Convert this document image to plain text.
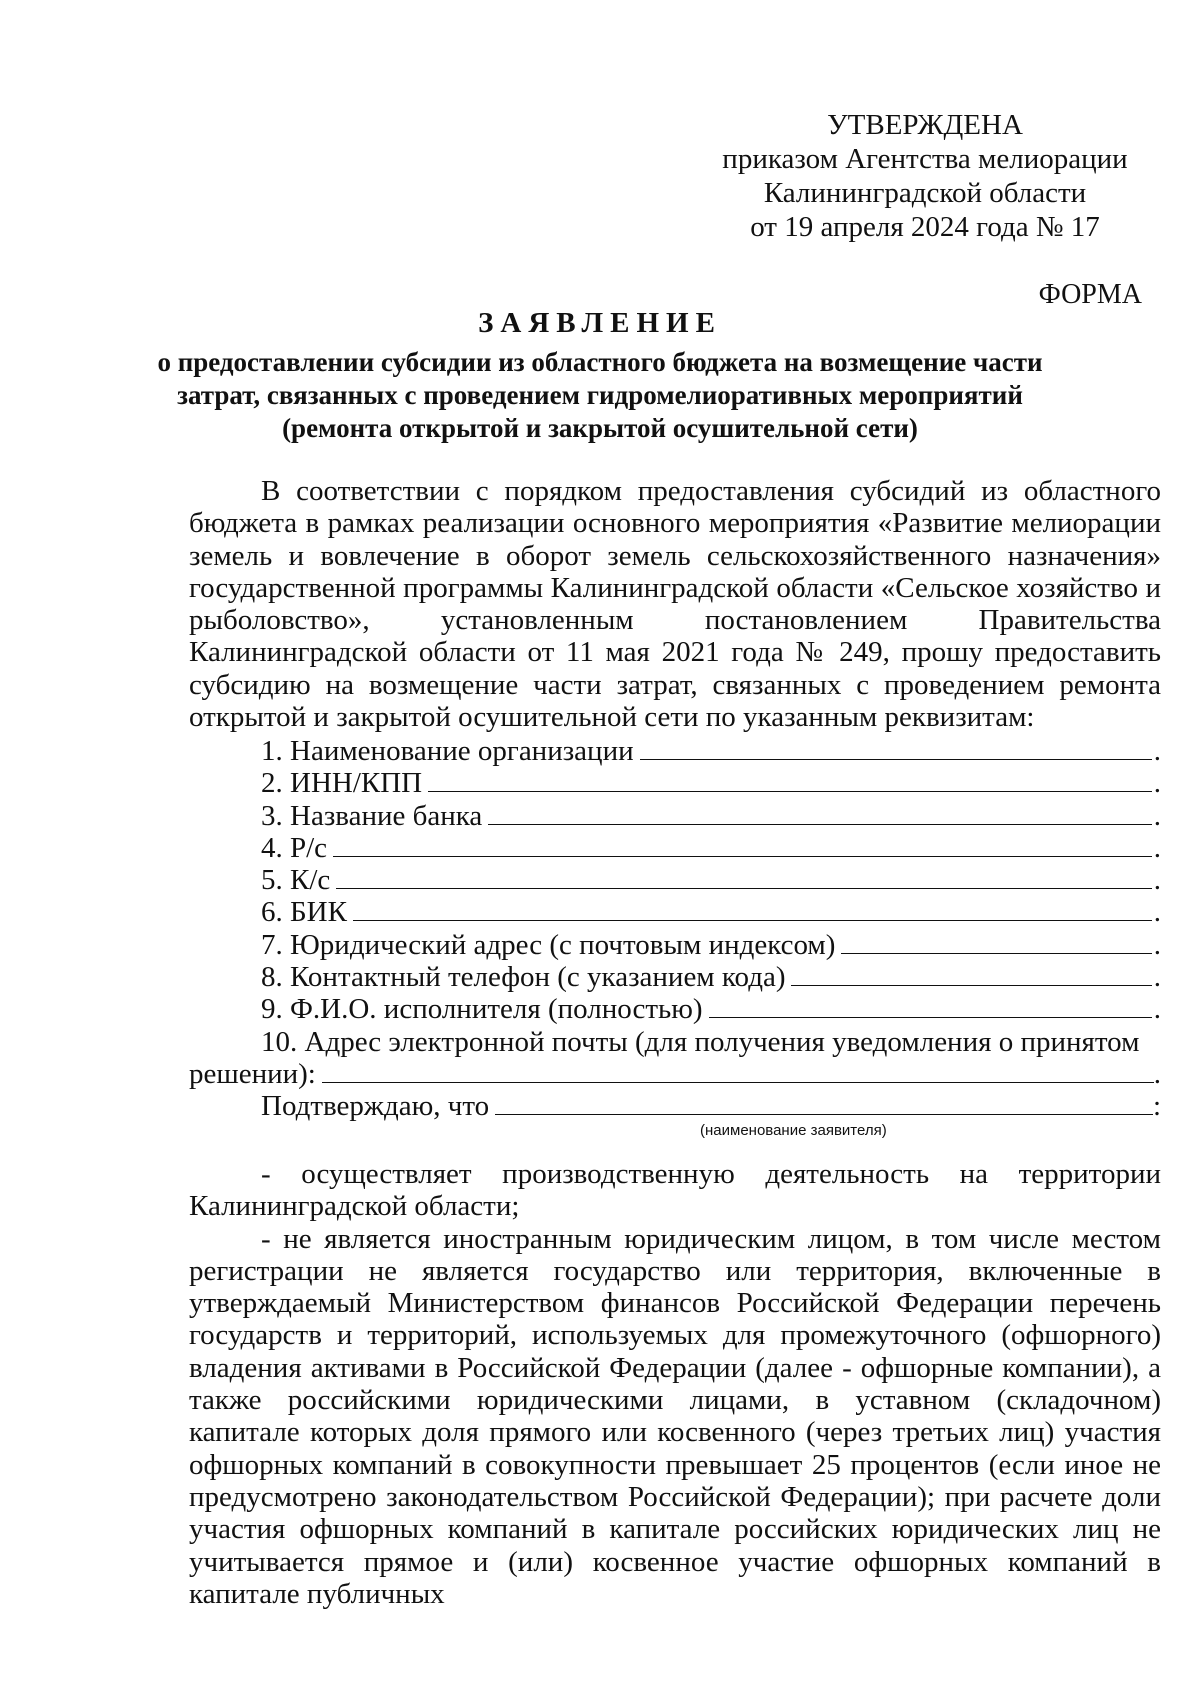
УТВЕРЖДЕНА
приказом Агентства мелиорации
Калининградской области
от 19 апреля 2024 года № 17
ФОРМА
ЗАЯВЛЕНИЕ
о предоставлении субсидии из областного бюджета на возмещение части
затрат, связанных с проведением гидромелиоративных мероприятий
(ремонта открытой и закрытой осушительной сети)

В соответствии с порядком предоставления субсидий из областного бюджета в рамках реализации основного мероприятия «Развитие мелиорации земель и вовлечение в оборот земель сельскохозяйственного назначения» государственной программы Калининградской области «Сельское хозяйство и рыболовство», установленным постановлением Правительства Калининградской области от 11 мая 2021 года № 249, прошу предоставить субсидию на возмещение части затрат, связанных с проведением ремонта открытой и закрытой осушительной сети по указанным реквизитам:

1. Наименование организации	.
2. ИНН/КПП	.
3. Название банка	.
4. Р/с	.
5. К/с	.
6. БИК	.
7. Юридический адрес (с почтовым индексом)	.
8. Контактный телефон (с указанием кода)	.
9. Ф.И.О. исполнителя (полностью)	.

10. Адрес электронной почты (для получения уведомления о принятом

решении):	.
Подтверждаю, что	:
(наименование заявителя)

- осуществляет производственную деятельность на территории Калининградской области;

- не является иностранным юридическим лицом, в том числе местом регистрации не является государство или территория, включенные в утверждаемый Министерством финансов Российской Федерации перечень государств и территорий, используемых для промежуточного (офшорного) владения активами в Российской Федерации (далее - офшорные компании), а также российскими юридическими лицами, в уставном (складочном) капитале которых доля прямого или косвенного (через третьих лиц) участия офшорных компаний в совокупности превышает 25 процентов (если иное не предусмотрено законодательством Российской Федерации); при расчете доли участия офшорных компаний в капитале российских юридических лиц не учитывается прямое и (или) косвенное участие офшорных компаний в капитале публичных
